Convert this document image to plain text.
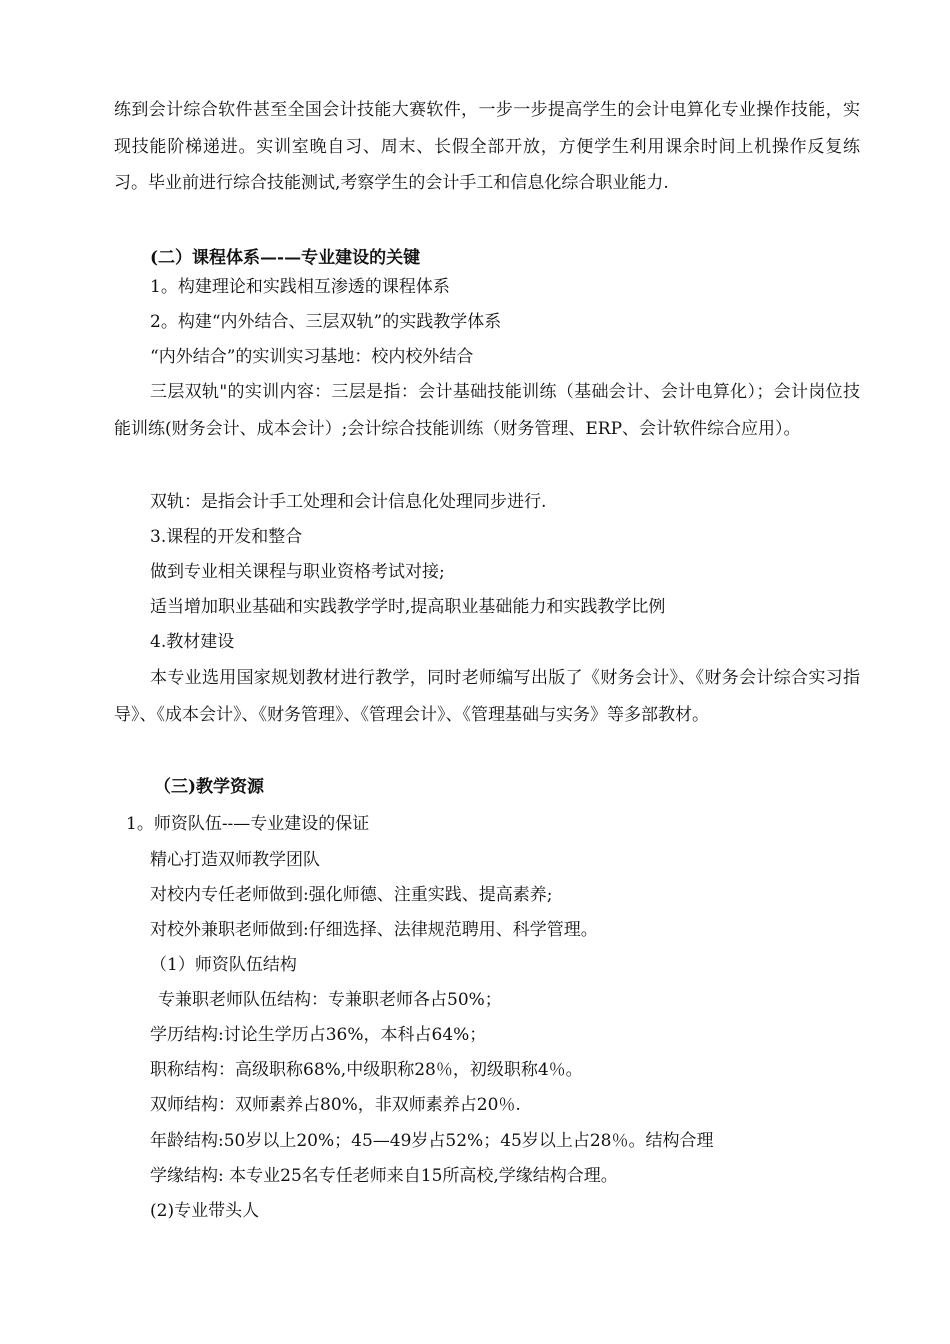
练到会计综合软件甚至全国会计技能大赛软件，一步一步提高学生的会计电算化专业操作技能，实现技能阶梯递进。实训室晚自习、周末、长假全部开放，方便学生利用课余时间上机操作反复练习。毕业前进行综合技能测试,考察学生的会计手工和信息化综合职业能力.

(二）课程体系—-—专业建设的关键

1。构建理论和实践相互渗透的课程体系

2。构建“内外结合、三层双轨”的实践教学体系

“内外结合”的实训实习基地：校内校外结合

三层双轨"的实训内容：三层是指：会计基础技能训练（基础会计、会计电算化）；会计岗位技能训练(财务会计、成本会计）;会计综合技能训练（财务管理、ERP、会计软件综合应用）。

双轨：是指会计手工处理和会计信息化处理同步进行.

3.课程的开发和整合

做到专业相关课程与职业资格考试对接;

适当增加职业基础和实践教学学时,提高职业基础能力和实践教学比例

4.教材建设

本专业选用国家规划教材进行教学，同时老师编写出版了《财务会计》、《财务会计综合实习指导》、《成本会计》、《财务管理》、《管理会计》、《管理基础与实务》等多部教材。

（三)教学资源

1。师资队伍--—专业建设的保证

精心打造双师教学团队

对校内专任老师做到:强化师德、注重实践、提高素养;

对校外兼职老师做到:仔细选择、法律规范聘用、科学管理。

（1）师资队伍结构

专兼职老师队伍结构：专兼职老师各占50%；

学历结构:讨论生学历占36%，本科占64%；

职称结构：高级职称68%,中级职称28％，初级职称4％。

双师结构：双师素养占80%，非双师素养占20％.

年龄结构:50岁以上20%；45—49岁占52%；45岁以上占28％。结构合理

学缘结构: 本专业25名专任老师来自15所高校,学缘结构合理。

(2)专业带头人
